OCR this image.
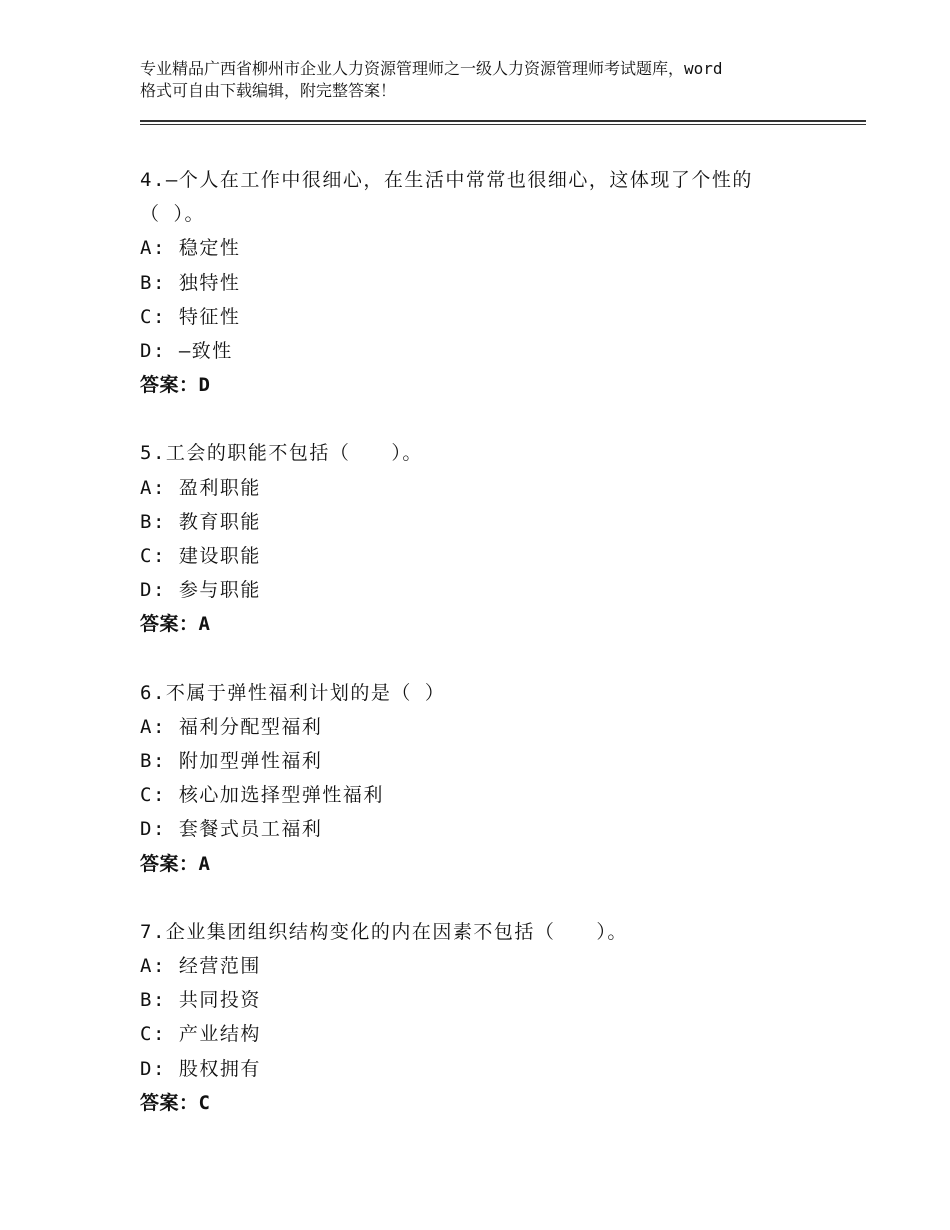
专业精品广西省柳州市企业人力资源管理师之一级人力资源管理师考试题库，word
格式可自由下载编辑，附完整答案！
4.—个人在工作中很细心，在生活中常常也很细心，这体现了个性的
（ ）。
A: 稳定性
B: 独特性
C: 特征性
D: —致性
答案：D
5.工会的职能不包括（　　）。
A: 盈利职能
B: 教育职能
C: 建设职能
D: 参与职能
答案：A
6.不属于弹性福利计划的是（ ）
A: 福利分配型福利
B: 附加型弹性福利
C: 核心加选择型弹性福利
D: 套餐式员工福利
答案：A
7.企业集团组织结构变化的内在因素不包括（　　）。
A: 经营范围
B: 共同投资
C: 产业结构
D: 股权拥有
答案：C
